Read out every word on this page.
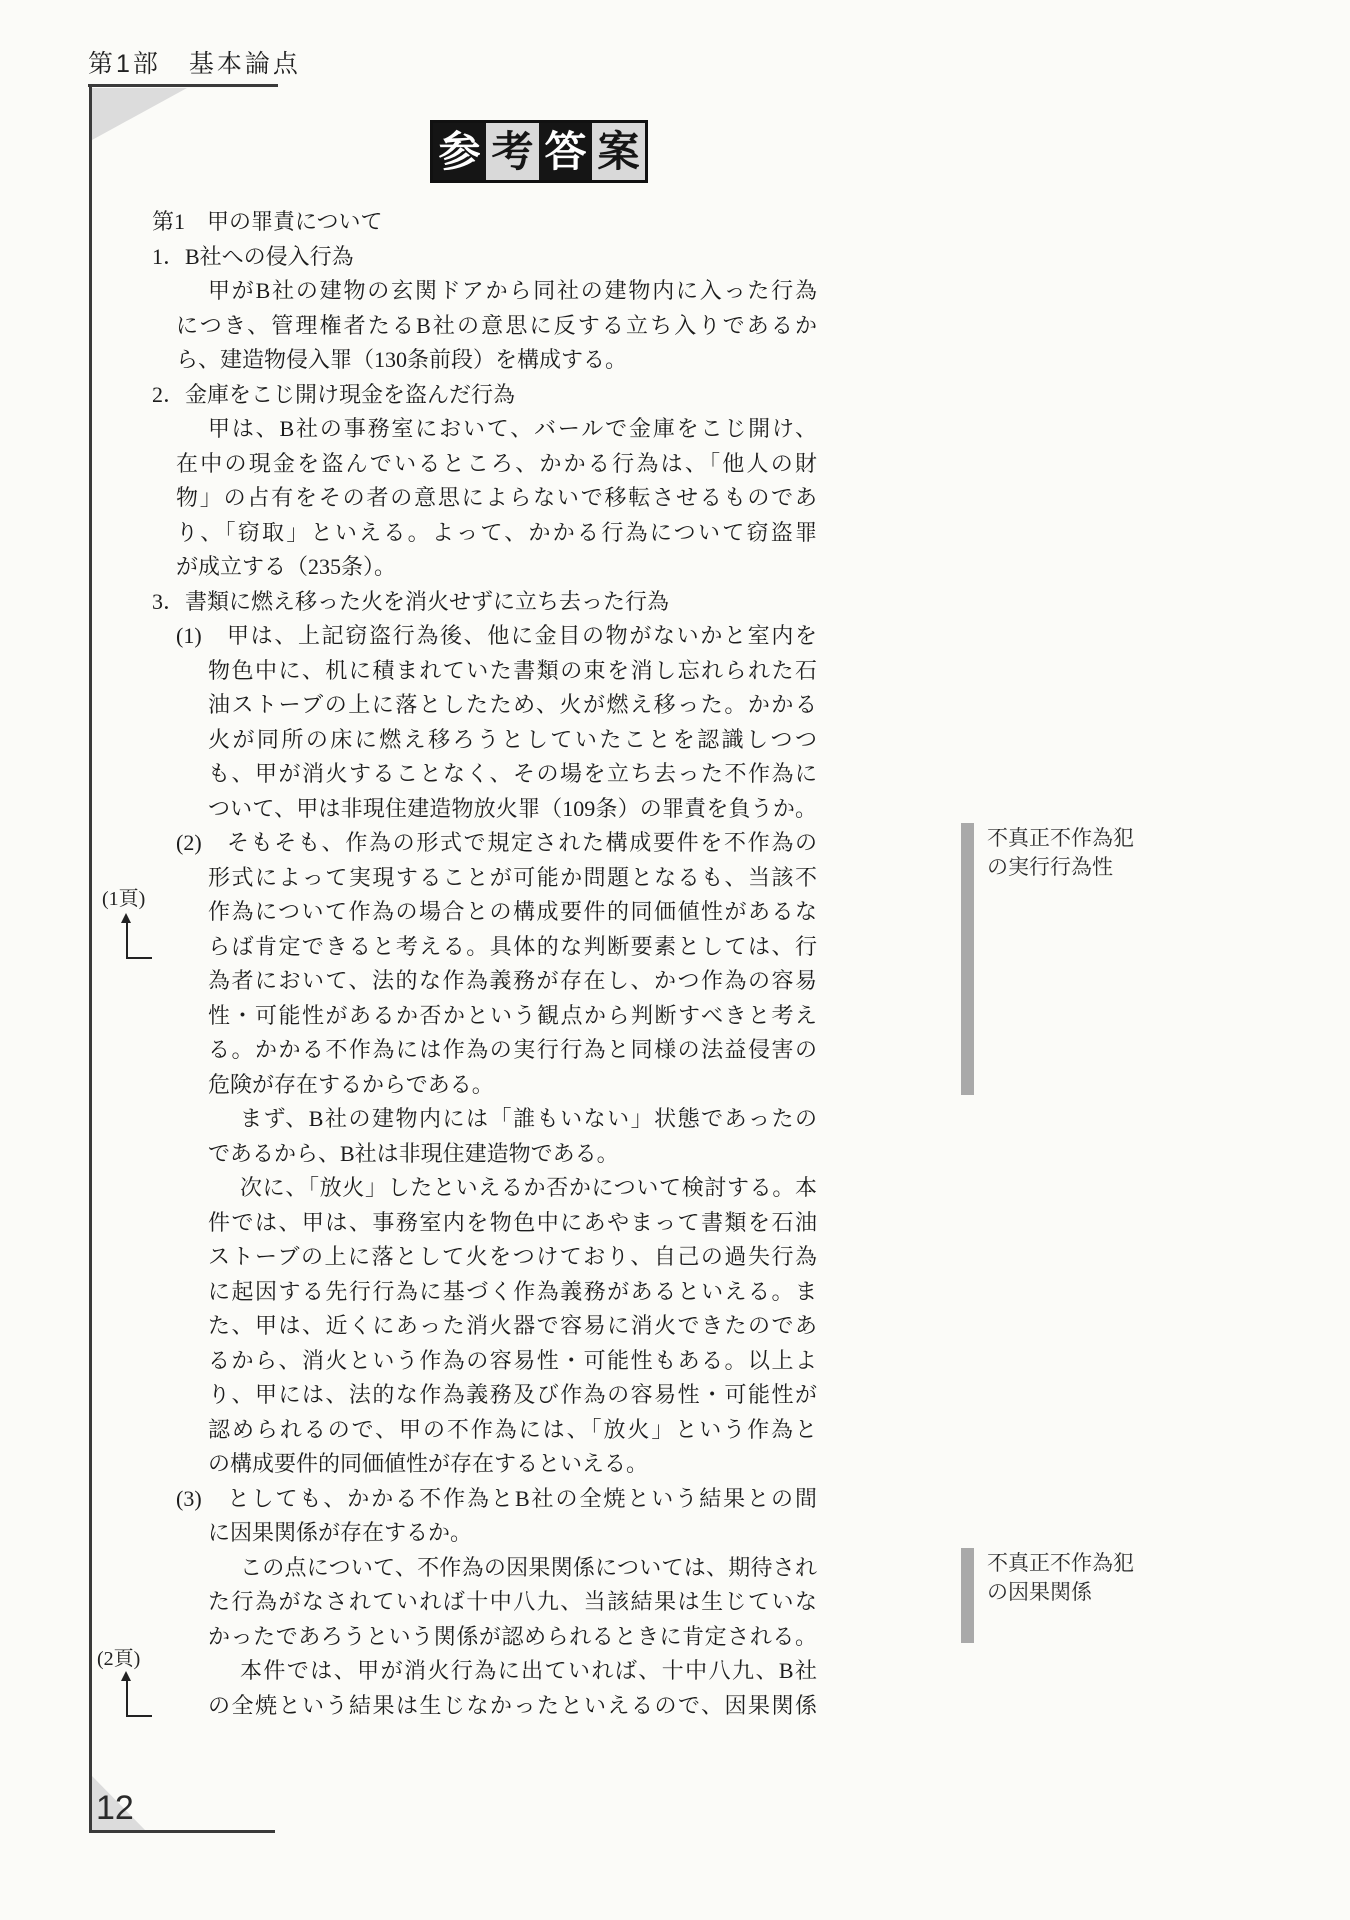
第1部　基本論点
12
参 考 答 案
第1　甲の罪責について
1．B社への侵入行為
甲がB社の建物の玄関ドアから同社の建物内に入った行為
につき、管理権者たるB社の意思に反する立ち入りであるか
ら、建造物侵入罪（130条前段）を構成する。
2．金庫をこじ開け現金を盗んだ行為
甲は、B社の事務室において、バールで金庫をこじ開け、
在中の現金を盗んでいるところ、かかる行為は、「他人の財
物」の占有をその者の意思によらないで移転させるものであ
り、「窃取」といえる。よって、かかる行為について窃盗罪
が成立する（235条）。
3．書類に燃え移った火を消火せずに立ち去った行為
(1)　甲は、上記窃盗行為後、他に金目の物がないかと室内を
物色中に、机に積まれていた書類の束を消し忘れられた石
油ストーブの上に落としたため、火が燃え移った。かかる
火が同所の床に燃え移ろうとしていたことを認識しつつ
も、甲が消火することなく、その場を立ち去った不作為に
ついて、甲は非現住建造物放火罪（109条）の罪責を負うか。
(2)　そもそも、作為の形式で規定された構成要件を不作為の
形式によって実現することが可能か問題となるも、当該不
作為について作為の場合との構成要件的同価値性があるな
らば肯定できると考える。具体的な判断要素としては、行
為者において、法的な作為義務が存在し、かつ作為の容易
性・可能性があるか否かという観点から判断すべきと考え
る。かかる不作為には作為の実行行為と同様の法益侵害の
危険が存在するからである。
まず、B社の建物内には「誰もいない」状態であったの
であるから、B社は非現住建造物である。
次に、「放火」したといえるか否かについて検討する。本
件では、甲は、事務室内を物色中にあやまって書類を石油
ストーブの上に落として火をつけており、自己の過失行為
に起因する先行行為に基づく作為義務があるといえる。ま
た、甲は、近くにあった消火器で容易に消火できたのであ
るから、消火という作為の容易性・可能性もある。以上よ
り、甲には、法的な作為義務及び作為の容易性・可能性が
認められるので、甲の不作為には、「放火」という作為と
の構成要件的同価値性が存在するといえる。
(3)　としても、かかる不作為とB社の全焼という結果との間
に因果関係が存在するか。
この点について、不作為の因果関係については、期待され
た行為がなされていれば十中八九、当該結果は生じていな
かったであろうという関係が認められるときに肯定される。
本件では、甲が消火行為に出ていれば、十中八九、B社
の全焼という結果は生じなかったといえるので、因果関係
不真正不作為犯
の実行行為性
不真正不作為犯
の因果関係
(1頁)
(2頁)
